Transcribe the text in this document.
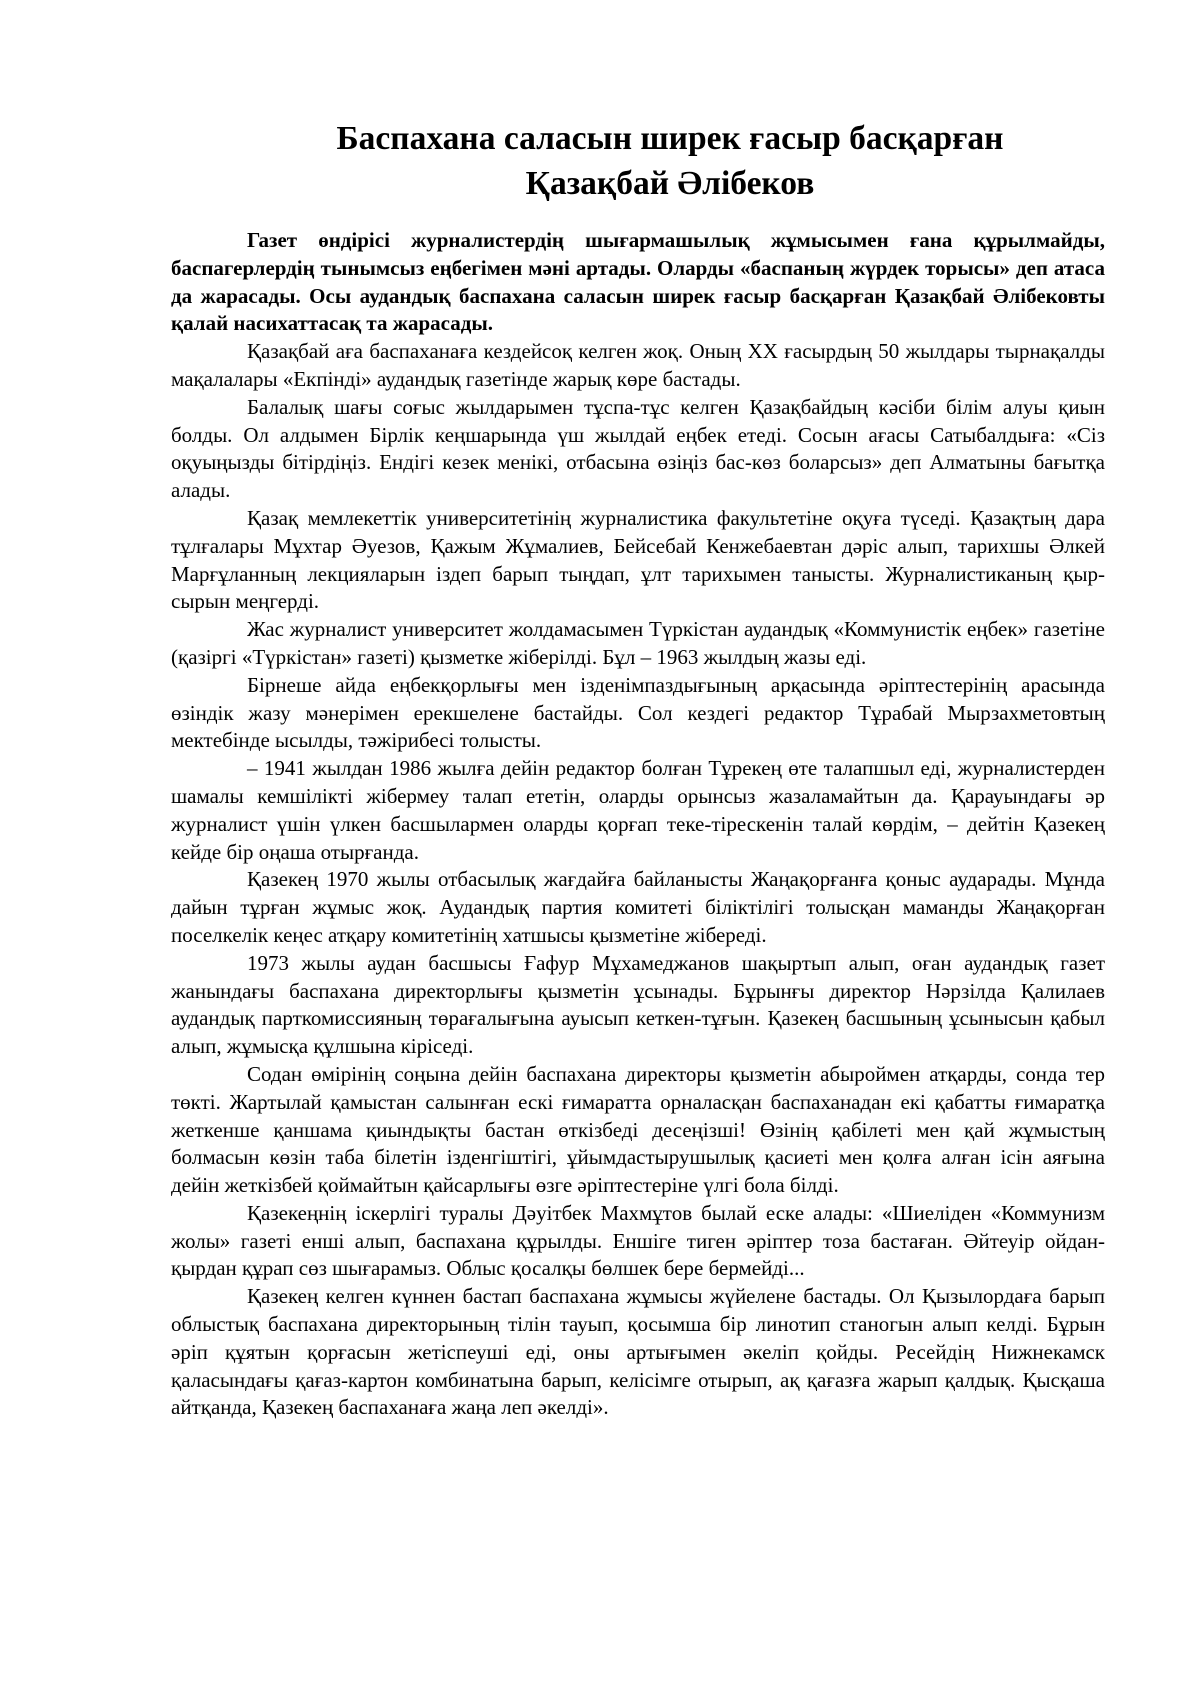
Баспахана саласын ширек ғасыр басқарған
Қазақбай Әлібеков

Газет өндірісі журналистердің шығармашылық жұмысымен ғана құрылмайды, баспагерлердің тынымсыз еңбегімен мәні артады. Оларды «баспаның жүрдек торысы» деп атаса да жарасады. Осы аудандық баспахана саласын ширек ғасыр басқарған Қазақбай Әлібековты қалай насихаттасақ та жарасады.

Қазақбай аға баспаханаға кездейсоқ келген жоқ. Оның ХХ ғасырдың 50 жылдары тырнақалды мақалалары «Екпінді» аудандық газетінде жарық көре бастады.

Балалық шағы соғыс жылдарымен тұспа-тұс келген Қазақбайдың кәсіби білім алуы қиын болды. Ол алдымен Бірлік кеңшарында үш жылдай еңбек етеді. Сосын ағасы Сатыбалдыға: «Сіз оқуыңызды бітірдіңіз. Ендігі кезек менікі, отбасына өзіңіз бас-көз боларсыз» деп Алматыны бағытқа алады.

Қазақ мемлекеттік университетінің журналистика факультетіне оқуға түседі. Қазақтың дара тұлғалары Мұхтар Әуезов, Қажым Жұмалиев, Бейсебай Кенжебаевтан дәріс алып, тарихшы Әлкей Марғұланның лекцияларын іздеп барып тыңдап, ұлт тарихымен танысты. Журналистиканың қыр-сырын меңгерді.

Жас журналист университет жолдамасымен Түркістан аудандық «Коммунистік еңбек» газетіне (қазіргі «Түркістан» газеті) қызметке жіберілді. Бұл – 1963 жылдың жазы еді.

Бірнеше айда еңбекқорлығы мен ізденімпаздығының арқасында әріптестерінің арасында өзіндік жазу мәнерімен ерекшелене бастайды. Сол кездегі редактор Тұрабай Мырзахметовтың мектебінде ысылды, тәжірибесі толысты.

– 1941 жылдан 1986 жылға дейін редактор болған Тұрекең өте талапшыл еді, журналистерден шамалы кемшілікті жібермеу талап ететін, оларды орынсыз жазаламайтын да. Қарауындағы әр журналист үшін үлкен басшылармен оларды қорғап теке-тірескенін талай көрдім, – дейтін Қазекең кейде бір оңаша отырғанда.

Қазекең 1970 жылы отбасылық жағдайға байланысты Жаңақорғанға қоныс аударады. Мұнда дайын тұрған жұмыс жоқ. Аудандық партия комитеті біліктілігі толысқан маманды Жаңақорған поселкелік кеңес атқару комитетінің хатшысы қызметіне жібереді.

1973 жылы аудан басшысы Ғафур Мұхамеджанов шақыртып алып, оған аудандық газет жанындағы баспахана директорлығы қызметін ұсынады. Бұрынғы директор Нәрзілда Қалилаев аудандық парткомиссияның төрағалығына ауысып кеткен-тұғын. Қазекең басшының ұсынысын қабыл алып, жұмысқа құлшына кіріседі.

Содан өмірінің соңына дейін баспахана директоры қызметін абыроймен атқарды, сонда тер төкті. Жартылай қамыстан салынған ескі ғимаратта орналасқан баспаханадан екі қабатты ғимаратқа жеткенше қаншама қиындықты бастан өткізбеді десеңізші! Өзінің қабілеті мен қай жұмыстың болмасын көзін таба білетін ізденгіштігі, ұйымдастырушылық қасиеті мен қолға алған ісін аяғына дейін жеткізбей қоймайтын қайсарлығы өзге әріптестеріне үлгі бола білді.

Қазекеңнің іскерлігі туралы Дәуітбек Махмұтов былай еске алады: «Шиеліден «Коммунизм жолы» газеті енші алып, баспахана құрылды. Еншіге тиген әріптер тоза бастаған. Әйтеуір ойдан-қырдан құрап сөз шығарамыз. Облыс қосалқы бөлшек бере бермейді...

Қазекең келген күннен бастап баспахана жұмысы жүйелене бастады. Ол Қызылордаға барып облыстық баспахана директорының тілін тауып, қосымша бір линотип станогын алып келді. Бұрын әріп құятын қорғасын жетіспеуші еді, оны артығымен әкеліп қойды. Ресейдің Нижнекамск қаласындағы қағаз-картон комбинатына барып, келісімге отырып, ақ қағазға жарып қалдық. Қысқаша айтқанда, Қазекең баспаханаға жаңа леп әкелді».
